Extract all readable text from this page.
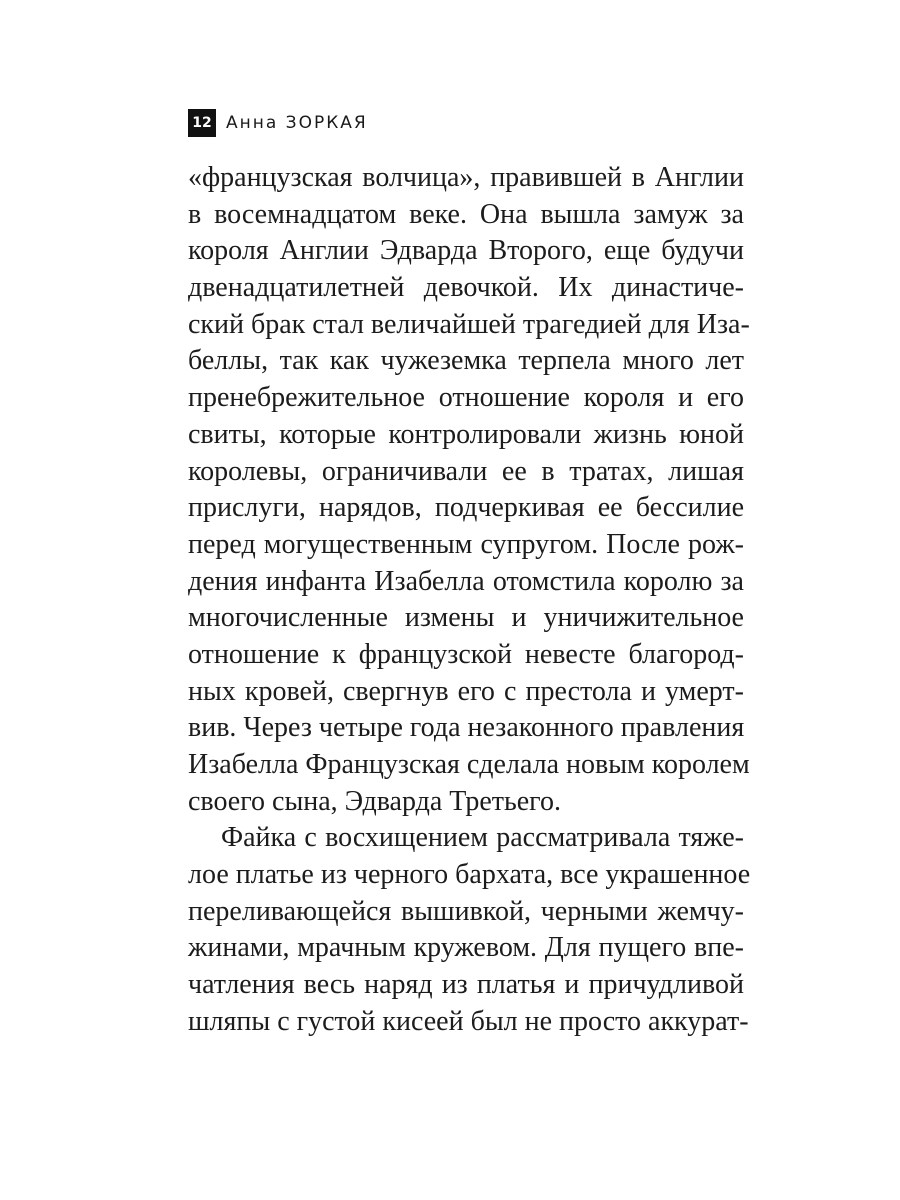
12 Анна ЗОРКАЯ
«французская волчица», правившей в Англии
в восемнадцатом веке. Она вышла замуж за
короля Англии Эдварда Второго, еще будучи
двенадцатилетней девочкой. Их династиче-
ский брак стал величайшей трагедией для Иза-
беллы, так как чужеземка терпела много лет
пренебрежительное отношение короля и его
свиты, которые контролировали жизнь юной
королевы, ограничивали ее в тратах, лишая
прислуги, нарядов, подчеркивая ее бессилие
перед могущественным супругом. После рож-
дения инфанта Изабелла отомстила королю за
многочисленные измены и уничижительное
отношение к французской невесте благород-
ных кровей, свергнув его с престола и умерт-
вив. Через четыре года незаконного правления
Изабелла Французская сделала новым королем
своего сына, Эдварда Третьего.
Файка с восхищением рассматривала тяже-
лое платье из черного бархата, все украшенное
переливающейся вышивкой, черными жемчу-
жинами, мрачным кружевом. Для пущего впе-
чатления весь наряд из платья и причудливой
шляпы с густой кисеей был не просто аккурат-
